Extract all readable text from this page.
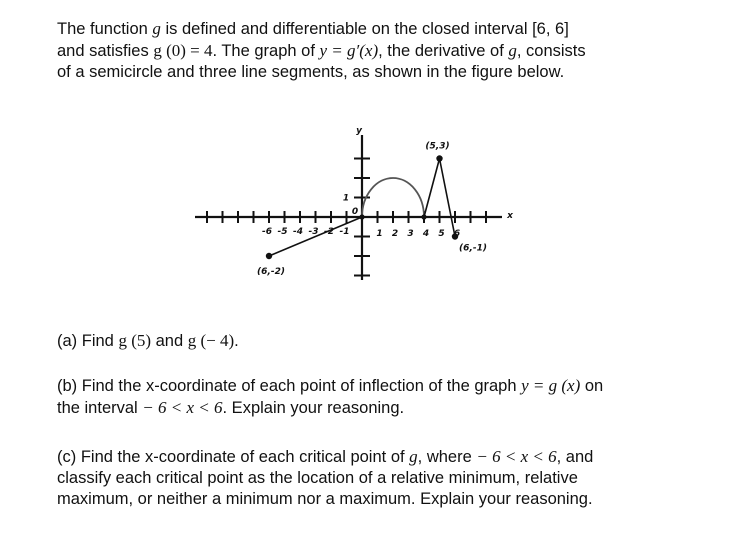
The function g is defined and differentiable on the closed interval [6, 6]
and satisfies g (0) = 4. The graph of y = g′(x), the derivative of g, consists
of a semicircle and three line segments, as shown in the figure below.
-6 -5 -4 -3 -2 -1	1 2 3 4 5 6
0
1
y
x
(6,-2)
(5,3)
(6,-1)
(a) Find g (5) and g (− 4).
(b) Find the x-coordinate of each point of inflection of the graph y = g (x) on
the interval − 6 < x < 6. Explain your reasoning.
(c) Find the x-coordinate of each critical point of g, where − 6 < x < 6, and
classify each critical point as the location of a relative minimum, relative
maximum, or neither a minimum nor a maximum. Explain your reasoning.
